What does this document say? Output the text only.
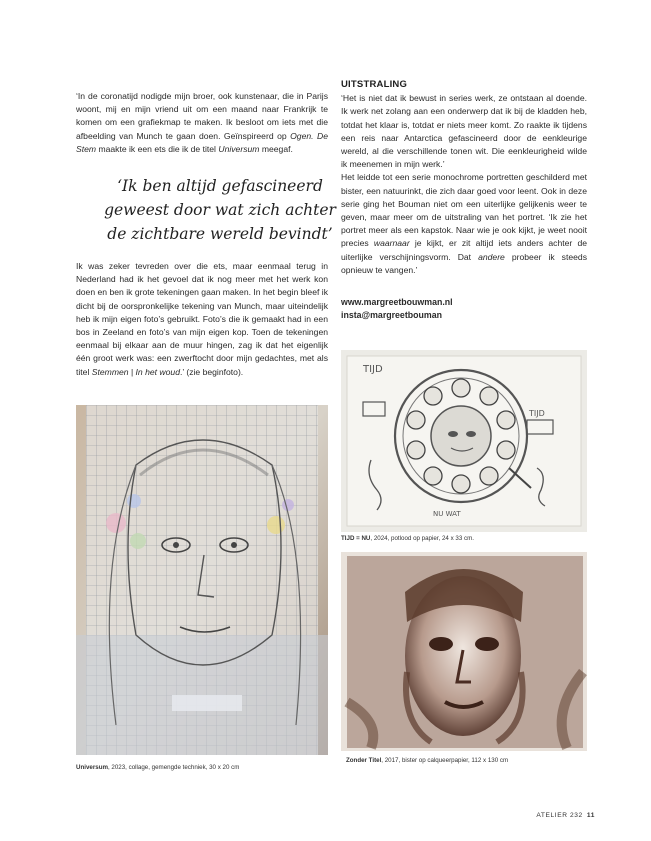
‘In de coronatijd nodigde mijn broer, ook kunstenaar, die in Parijs woont, mij en mijn vriend uit om een maand naar Frankrijk te komen om een grafiekmap te maken. Ik besloot om iets met die afbeelding van Munch te gaan doen. Geïnspireerd op Ogen. De Stem maakte ik een ets die ik de titel Universum meegaf.

‘Ik ben altijd gefascineerd
geweest door wat zich achter
de zichtbare wereld bevindt’

Ik was zeker tevreden over die ets, maar eenmaal terug in Nederland had ik het gevoel dat ik nog meer met het werk kon doen en ben ik grote tekeningen gaan maken. In het begin bleef ik dicht bij de oorspronkelijke tekening van Munch, maar uiteindelijk heb ik mijn eigen foto’s gebruikt. Foto’s die ik gemaakt had in een bos in Zeeland en foto’s van mijn eigen kop. Toen de tekeningen eenmaal bij elkaar aan de muur hingen, zag ik dat het eigenlijk één groot werk was: een zwerftocht door mijn gedachtes, met als titel Stemmen | In het woud.’ (zie beginfoto).

UITSTRALING

‘Het is niet dat ik bewust in series werk, ze ontstaan al doende. Ik werk net zolang aan een onderwerp dat ik bij de kladden heb, totdat het klaar is, totdat er niets meer komt. Zo raakte ik tijdens een reis naar Antarctica gefascineerd door de eenkleurige wereld, al die verschillende tonen wit. Die eenkleurigheid wilde ik meenemen in mijn werk.’

Het leidde tot een serie monochrome portretten geschilderd met bister, een natuurinkt, die zich daar goed voor leent. Ook in deze serie ging het Bouman niet om een uiterlijke gelijkenis weer te geven, maar meer om de uitstraling van het portret. ‘Ik zie het portret meer als een kapstok. Naar wie je ook kijkt, je weet nooit precies waarnaar je kijkt, er zit altijd iets anders achter de uiterlijke verschijningsvorm. Dat andere probeer ik steeds opnieuw te vangen.’

www.margreetbouwman.nl
insta@margreetbouman
TIJD
TIJD
NU WAT
TIJD = NU, 2024, potlood op papier, 24 x 33 cm.
Zonder Titel, 2017, bister op calqueerpapier, 112 x 130 cm
Universum, 2023, collage, gemengde techniek, 30 x 20 cm
ATELIER 232 11
